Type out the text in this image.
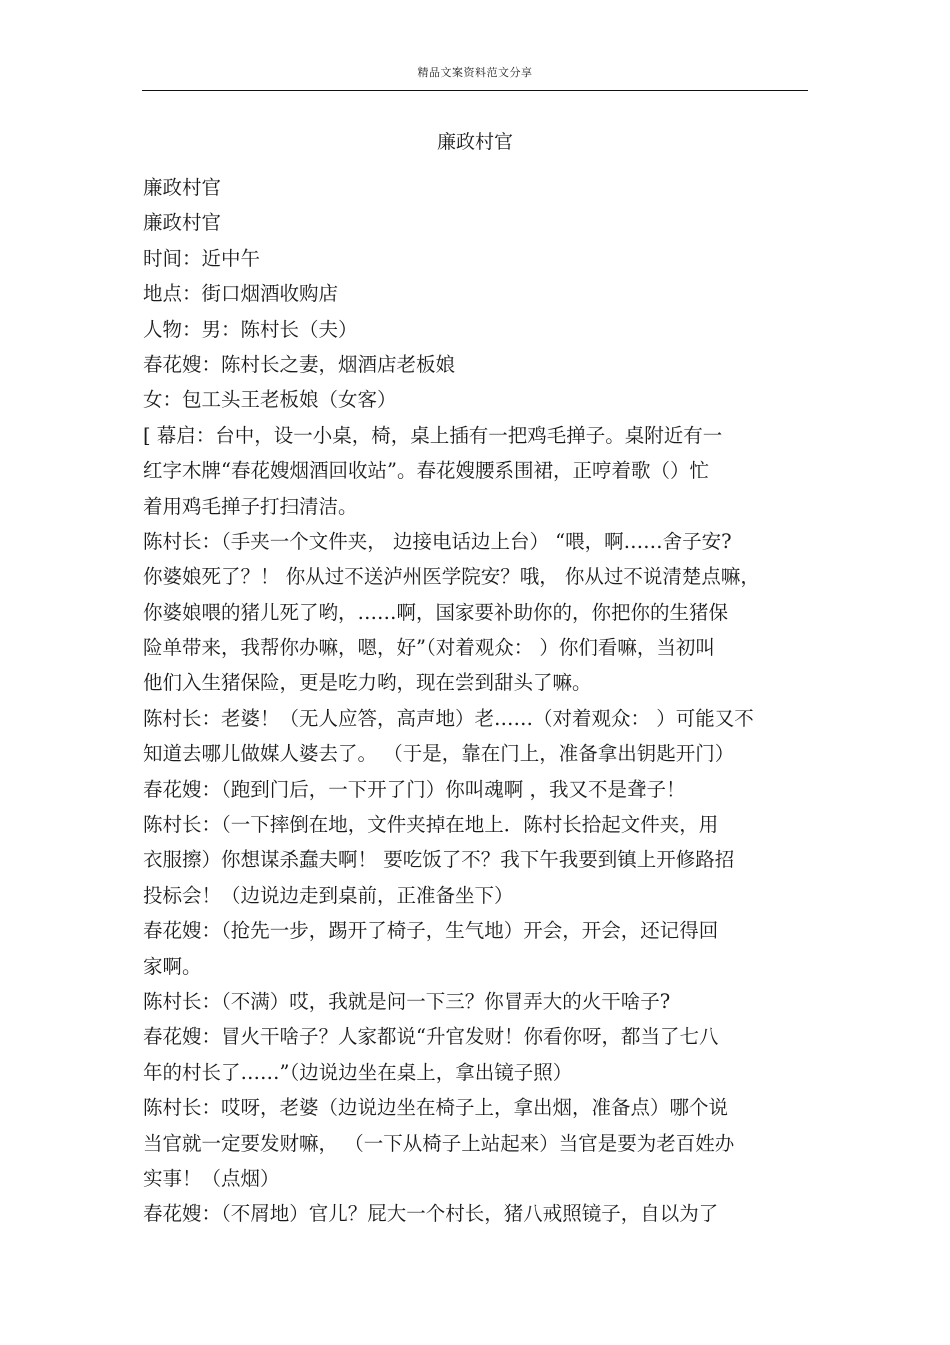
精品文案资料范文分享
廉政村官
廉政村官
廉政村官
时间：近中午
地点：街口烟酒收购店
人物：男：陈村长（夫）
春花嫂：陈村长之妻，烟酒店老板娘
女：包工头王老板娘（女客）
[ 幕启：台中，设一小桌，椅，桌上插有一把鸡毛掸子。桌附近有一
红字木牌“春花嫂烟酒回收站”。春花嫂腰系围裙，正哼着歌（）忙
着用鸡毛掸子打扫清洁。
陈村长：（手夹一个文件夹， 边接电话边上台） “喂，啊……舍子安?
你婆娘死了？！ 你从过不送泸州医学院安？哦， 你从过不说清楚点嘛，
你婆娘喂的猪儿死了哟，……啊，国家要补助你的，你把你的生猪保
险单带来，我帮你办嘛，嗯，好”（对着观众： ）你们看嘛，当初叫
他们入生猪保险，更是吃力哟，现在尝到甜头了嘛。
陈村长：老婆！（无人应答，高声地）老……（对着观众： ）可能又不
知道去哪儿做媒人婆去了。 （于是，靠在门上，准备拿出钥匙开门）
春花嫂：（跑到门后，一下开了门）你叫魂啊 ，我又不是聋子！
陈村长：（一下摔倒在地，文件夹掉在地上．陈村长拾起文件夹，用
衣服擦）你想谋杀蠢夫啊！ 要吃饭了不？我下午我要到镇上开修路招
投标会！（边说边走到桌前，正准备坐下）
春花嫂：（抢先一步，踢开了椅子，生气地）开会，开会，还记得回
家啊。
陈村长：（不满）哎，我就是问一下三？你冒弄大的火干啥子?
春花嫂：冒火干啥子？人家都说“升官发财！你看你呀，都当了七八
年的村长了……”（边说边坐在桌上，拿出镜子照）
陈村长：哎呀，老婆（边说边坐在椅子上，拿出烟，准备点）哪个说
当官就一定要发财嘛， （一下从椅子上站起来）当官是要为老百姓办
实事！（点烟）
春花嫂：（不屑地）官儿？屁大一个村长，猪八戒照镜子，自以为了
